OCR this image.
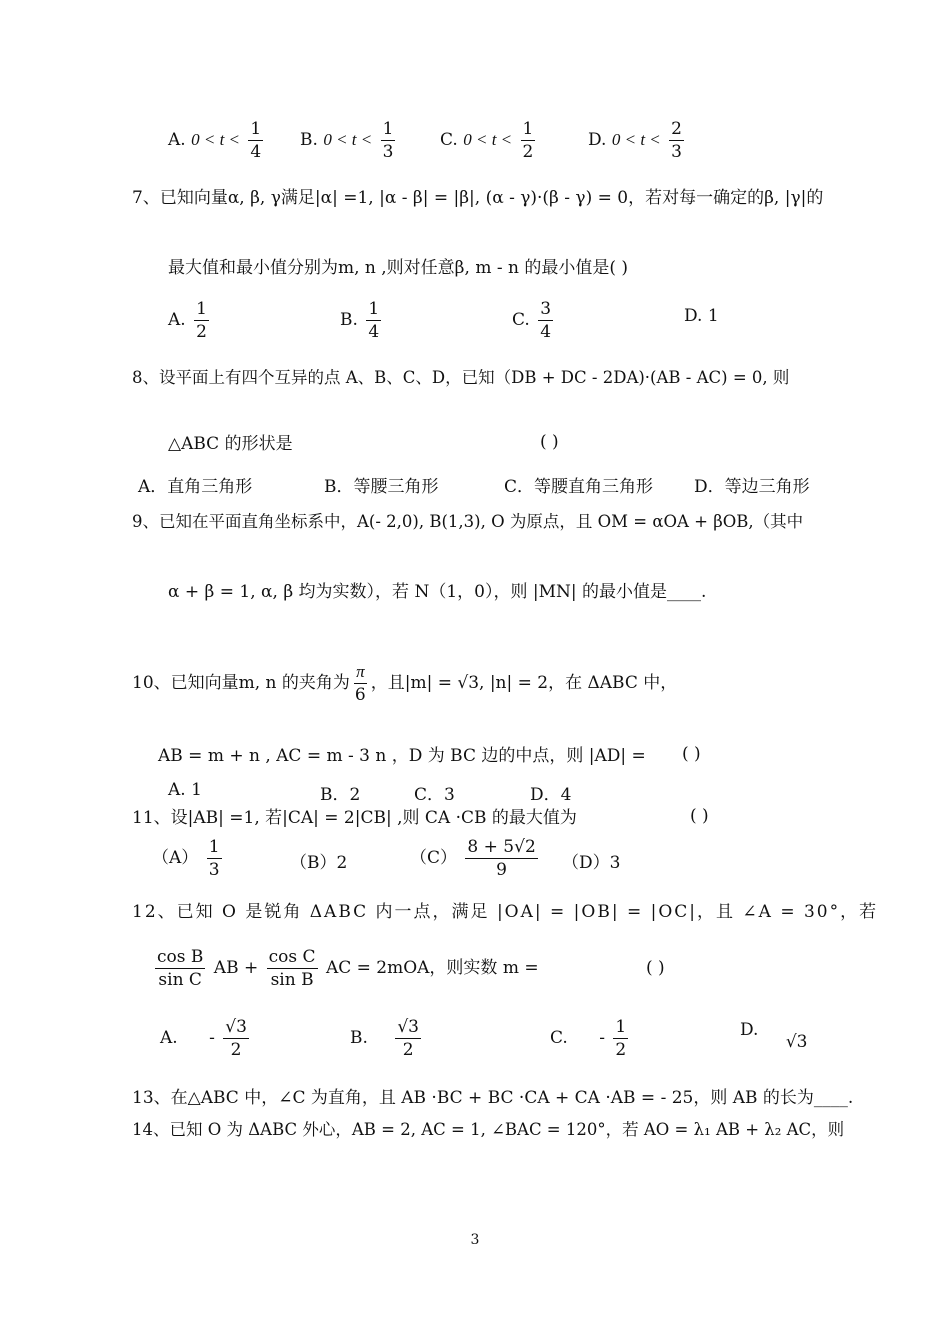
A. $0 < t < \frac{1}{4} B$. $0 < t < \frac{1}{3}$	C. $0 < t < \frac{1}{2}$	D. $0 < t < \frac{2}{3}$
7、已知向量α, β, γ满足|α| =1, |α - β| = |β|, (α - γ)·(β - γ) = 0，若对每一确定的β, |γ|的
最大值和最小值分别为m, n ,则对任意β, m - n 的最小值是( )
A. $\frac{1}{2}$	B. $\frac{1}{4}$	C. $\frac{3}{4}$	D. 1
8、设平面上有四个互异的点 A、B、C、D，已知（DB + DC - 2DA)·(AB - AC) = 0, 则
△ABC 的形状是	( )
A．直角三角形	B．等腰三角形	C．等腰直角三角形 D．等边三角形
9、已知在平面直角坐标系中，A(- 2,0), B(1,3), O 为原点，且 OM = αOA + βOB,（其中
α + β = 1, α, β 均为实数），若 N（1，0），则 |MN| 的最小值是____.
10、已知向量m, n 的夹角为 $\frac{\pi}{6}$ ，且|m| = √3, |n| = 2，在 ΔABC 中，
AB = m + n , AC = m - 3 n ，D 为 BC 边的中点，则 |AD| = ( )
A. 1	B．2	C．3	D．4
11、设|AB| =1, 若|CA| = 2|CB| ,则 CA ·CB 的最大值为	( )
$(A) \frac{1}{3}$	（B）2	$(C) \frac{8 + 5√2}{9} (D)3$
12、已知 O 是锐角 ΔABC 内一点，满足 |OA| = |OB| = |OC|，且 ∠A = 30°，若
$\frac{\text{cos B}}{\text{sin C}}$ AB + $\frac{\text{cos C}}{\text{sin B}}$ AC = 2mOA，则实数 m =	( )
A. - $\frac{√3}{2}$	B. $\frac{√3}{2}$	C. - $\frac{1}{2}$	D. √3
13、在△ABC 中，∠C 为直角，且 AB ·BC + BC ·CA + CA ·AB = - 25，则 AB 的长为____.
14、已知 O 为 ΔABC 外心，AB = 2, AC = 1, ∠BAC = 120°，若 AO = λ₁ AB + λ₂ AC，则
3
